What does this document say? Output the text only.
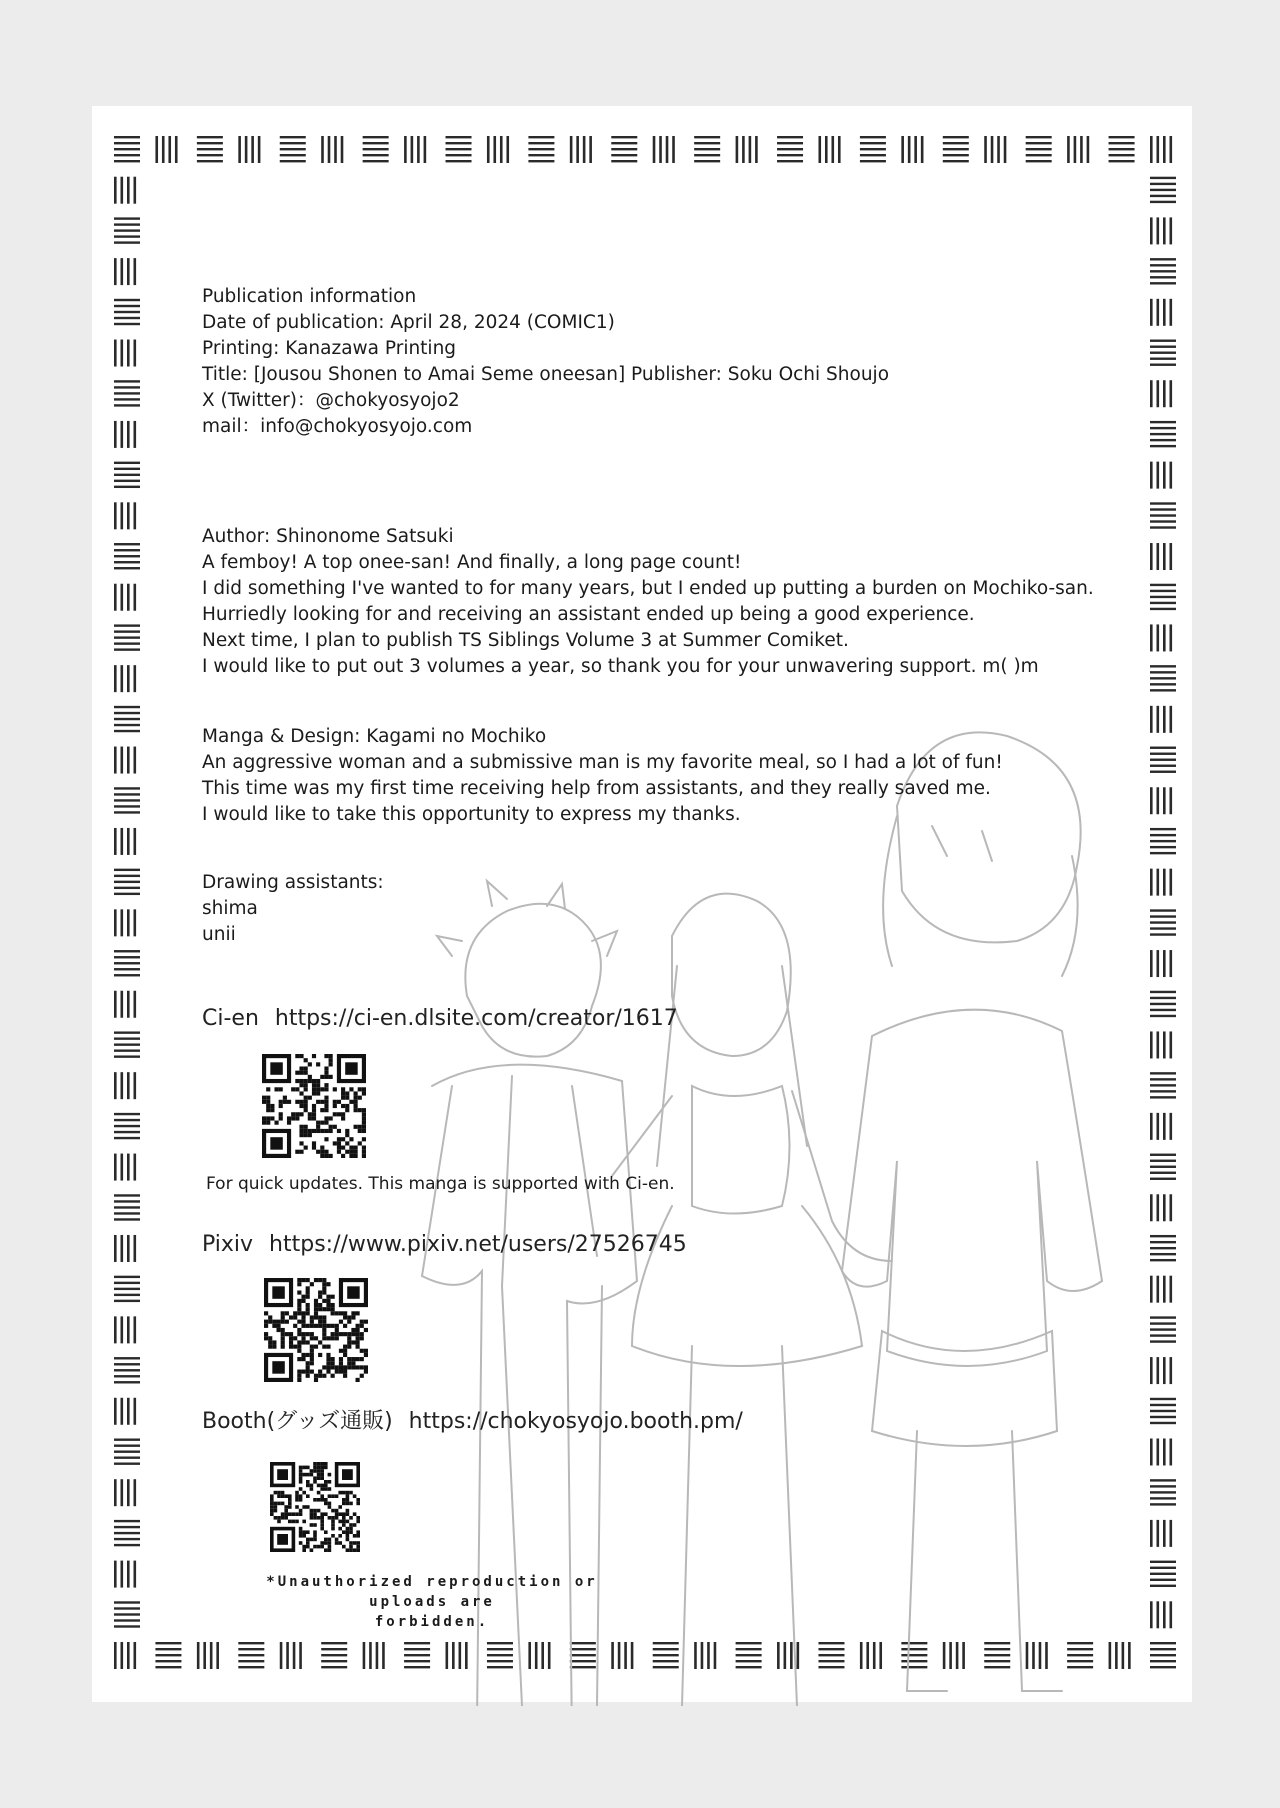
Publication information
Date of publication: April 28, 2024 (COMIC1)
Printing: Kanazawa Printing
Title: [Jousou Shonen to Amai Seme oneesan] Publisher: Soku Ochi Shoujo
X (Twitter)：@chokyosyojo2
mail：info@chokyosyojo.com
Author: Shinonome Satsuki
A femboy! A top onee-san! And finally, a long page count!
I did something I've wanted to for many years, but I ended up putting a burden on Mochiko-san.
Hurriedly looking for and receiving an assistant ended up being a good experience.
Next time, I plan to publish TS Siblings Volume 3 at Summer Comiket.
I would like to put out 3 volumes a year, so thank you for your unwavering support. m( )m
Manga & Design: Kagami no Mochiko
An aggressive woman and a submissive man is my favorite meal, so I had a lot of fun!
This time was my first time receiving help from assistants, and they really saved me.
I would like to take this opportunity to express my thanks.
Drawing assistants:
shima
unii
Ci-en https://ci-en.dlsite.com/creator/1617
For quick updates. This manga is supported with Ci-en.
Pixiv https://www.pixiv.net/users/27526745
Booth(グッズ通販) https://chokyosyojo.booth.pm/
*Unauthorized reproduction or uploads are
forbidden.
